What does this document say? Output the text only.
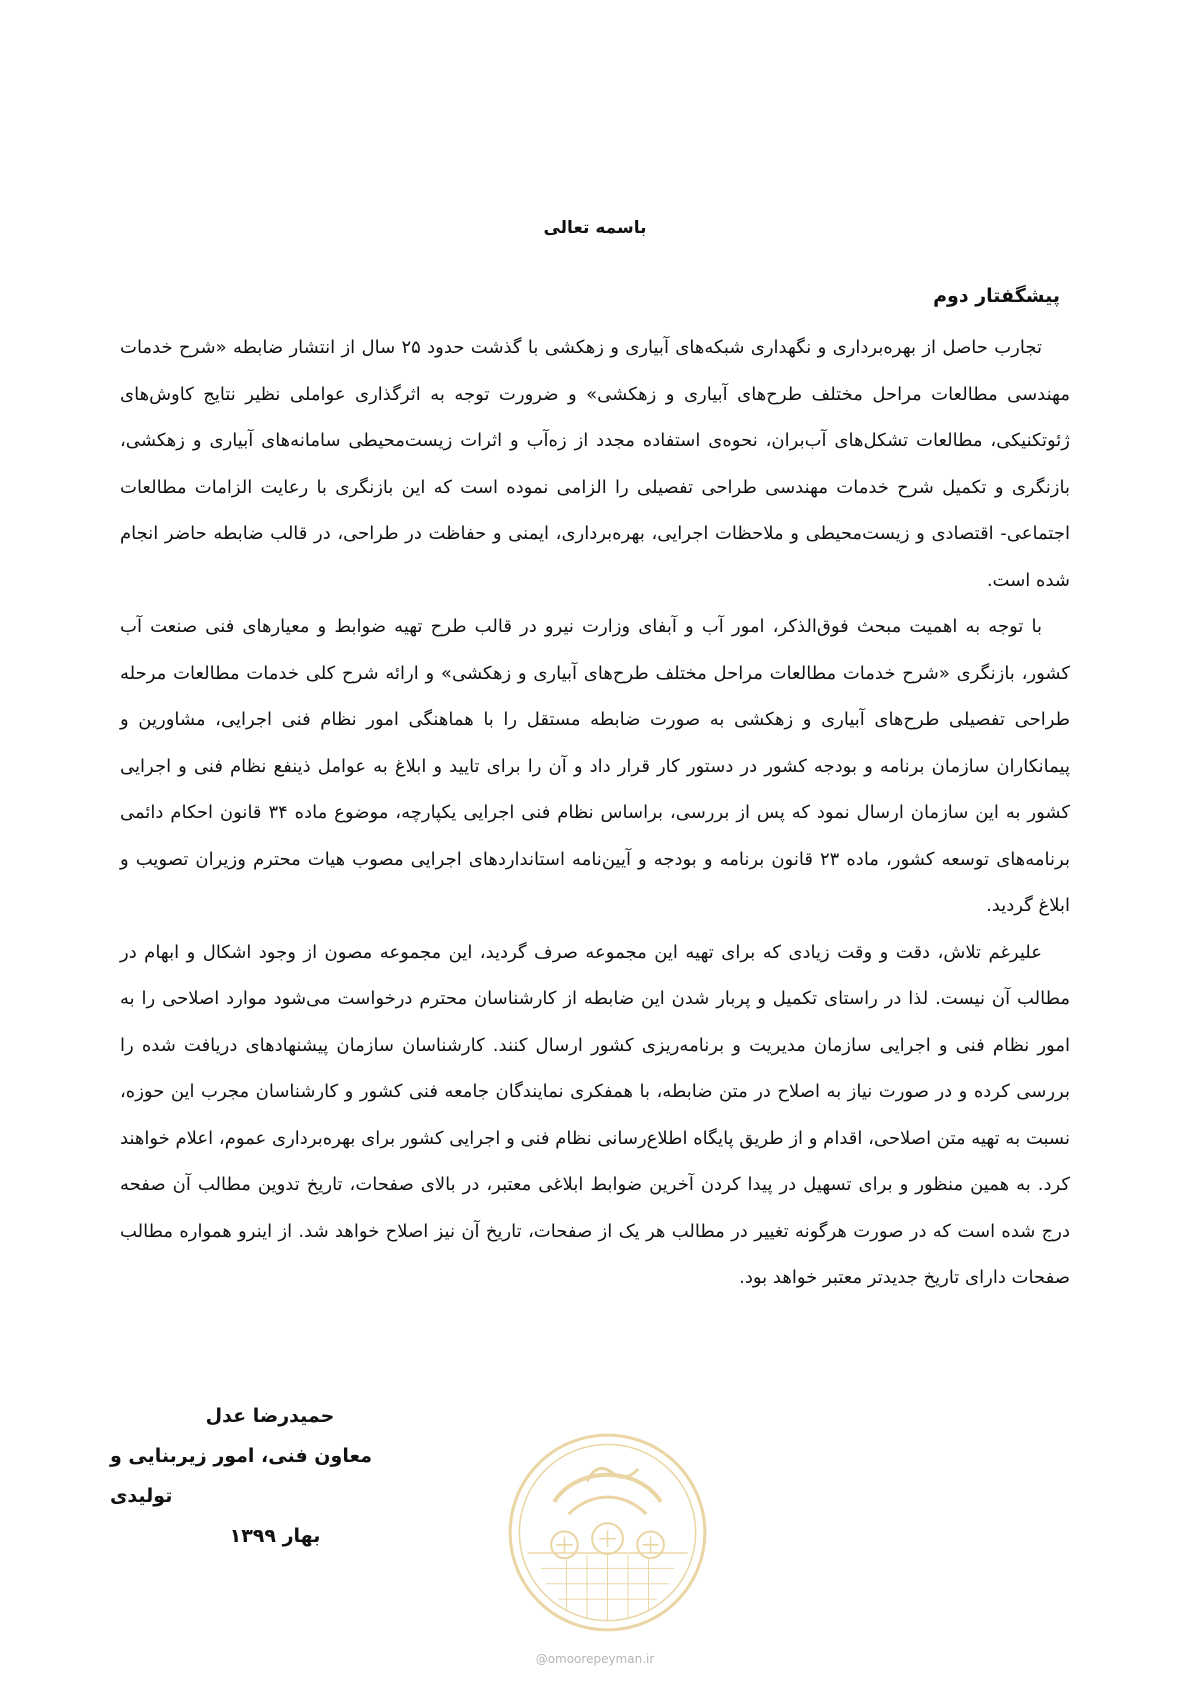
باسمه تعالی
پیشگفتار دوم

تجارب حاصل از بهره‌برداری و نگهداری شبکه‌های آبیاری و زهکشی با گذشت حدود ۲۵ سال از انتشار ضابطه «شرح خدمات مهندسی مطالعات مراحل مختلف طرح‌های آبیاری و زهکشی» و ضرورت توجه به اثرگذاری عواملی نظیر نتایج کاوش‌های ژئوتکنیکی، مطالعات تشکل‌های آب‌بران، نحوه‌ی استفاده مجدد از زه‌آب و اثرات زیست‌محیطی سامانه‌های آبیاری و زهکشی، بازنگری و تکمیل شرح خدمات مهندسی طراحی تفصیلی را الزامی نموده است که این بازنگری با رعایت الزامات مطالعات اجتماعی- اقتصادی و زیست‌محیطی و ملاحظات اجرایی، بهره‌برداری، ایمنی و حفاظت در طراحی، در قالب ضابطه حاضر انجام شده است.

با توجه به اهمیت مبحث فوق‌الذکر، امور آب و آبفای وزارت نیرو در قالب طرح تهیه ضوابط و معیارهای فنی صنعت آب کشور، بازنگری «شرح خدمات مطالعات مراحل مختلف طرح‌های آبیاری و زهکشی» و ارائه شرح کلی خدمات مطالعات مرحله طراحی تفصیلی طرح‌های آبیاری و زهکشی به صورت ضابطه مستقل را با هماهنگی امور نظام فنی اجرایی، مشاورین و پیمانکاران سازمان برنامه و بودجه کشور در دستور کار قرار داد و آن را برای تایید و ابلاغ به عوامل ذینفع نظام فنی و اجرایی کشور به این سازمان ارسال نمود که پس از بررسی، براساس نظام فنی اجرایی یکپارچه، موضوع ماده ۳۴ قانون احکام دائمی برنامه‌های توسعه کشور، ماده ۲۳ قانون برنامه و بودجه و آیین‌نامه استانداردهای اجرایی مصوب هیات محترم وزیران تصویب و ابلاغ گردید.

علیرغم تلاش، دقت و وقت زیادی که برای تهیه این مجموعه صرف گردید، این مجموعه مصون از وجود اشکال و ابهام در مطالب آن نیست. لذا در راستای تکمیل و پربار شدن این ضابطه از کارشناسان محترم درخواست می‌شود موارد اصلاحی را به امور نظام فنی و اجرایی سازمان مدیریت و برنامه‌ریزی کشور ارسال کنند. کارشناسان سازمان پیشنهادهای دریافت شده را بررسی کرده و در صورت نیاز به اصلاح در متن ضابطه، با همفکری نمایندگان جامعه فنی کشور و کارشناسان مجرب این حوزه، نسبت به تهیه متن اصلاحی، اقدام و از طریق پایگاه اطلاع‌رسانی نظام فنی و اجرایی کشور برای بهره‌برداری عموم، اعلام خواهند کرد. به همین منظور و برای تسهیل در پیدا کردن آخرین ضوابط ابلاغی معتبر، در بالای صفحات، تاریخ تدوین مطالب آن صفحه درج شده است که در صورت هرگونه تغییر در مطالب هر یک از صفحات، تاریخ آن نیز اصلاح خواهد شد. از اینرو همواره مطالب صفحات دارای تاریخ جدیدتر معتبر خواهد بود.

حمیدرضا عدل
معاون فنی، امور زیربنایی و تولیدی
بهار ۱۳۹۹
@omoorepeyman.ir
